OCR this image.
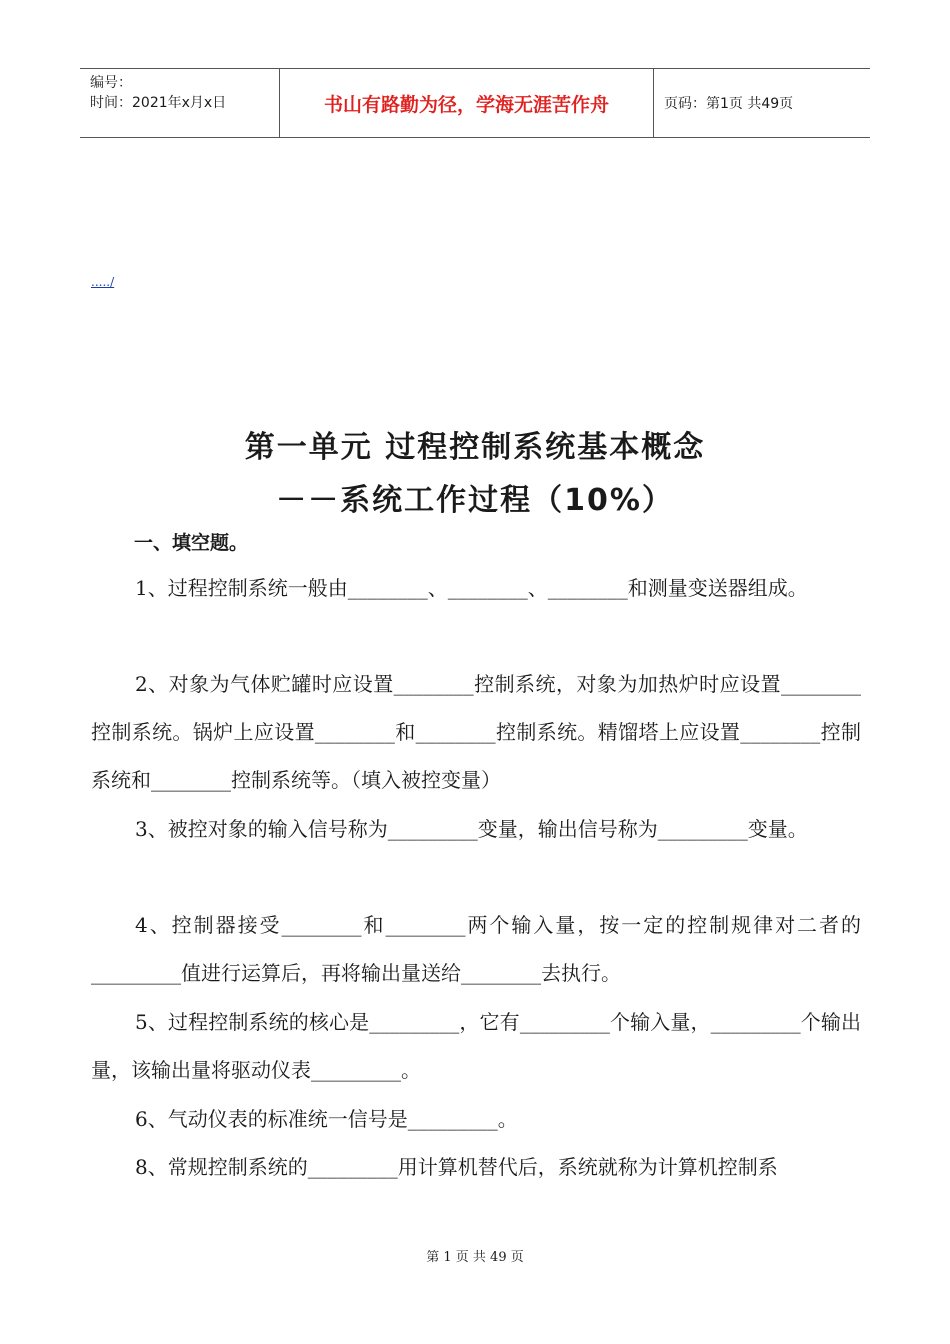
编号：
时间：2021年x月x日	书山有路勤为径，学海无涯苦作舟	页码：第1页 共49页
...../
第一单元 过程控制系统基本概念
－－系统工作过程（10%）
一、填空题。

1、过程控制系统一般由________、________、________和测量变送器组成。

2、对象为气体贮罐时应设置________控制系统，对象为加热炉时应设置________控制系统。锅炉上应设置________和________控制系统。精馏塔上应设置________控制系统和________控制系统等。（填入被控变量）

3、被控对象的输入信号称为_________变量，输出信号称为_________变量。

4、控制器接受________和________两个输入量，按一定的控制规律对二者的_________值进行运算后，再将输出量送给________去执行。

5、过程控制系统的核心是_________，它有_________个输入量，_________个输出量，该输出量将驱动仪表_________。

6、气动仪表的标准统一信号是_________。

8、常规控制系统的_________用计算机替代后，系统就称为计算机控制系

第 1 页 共 49 页
